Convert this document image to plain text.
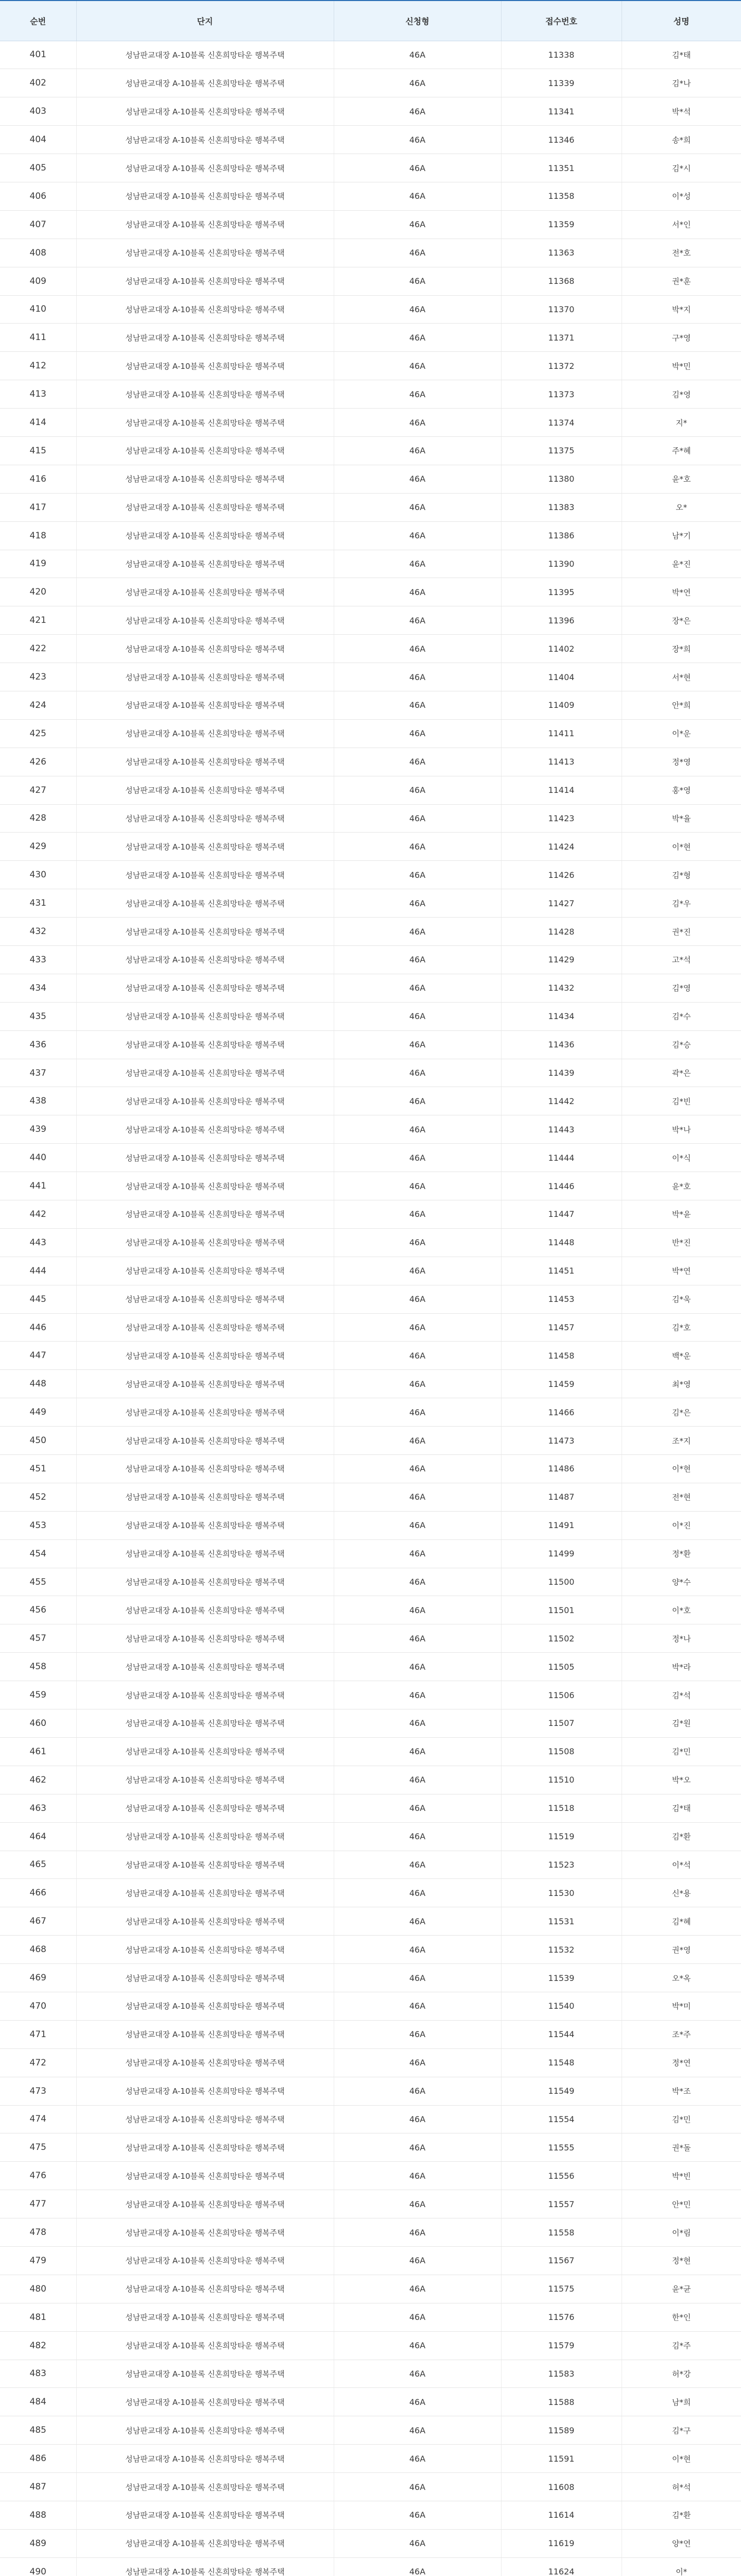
순번	단지	신청형	접수번호	성명
401	성남판교대장 A-10블록 신혼희망타운 행복주택	46A	11338	김*태
402	성남판교대장 A-10블록 신혼희망타운 행복주택	46A	11339	김*나
403	성남판교대장 A-10블록 신혼희망타운 행복주택	46A	11341	박*석
404	성남판교대장 A-10블록 신혼희망타운 행복주택	46A	11346	송*희
405	성남판교대장 A-10블록 신혼희망타운 행복주택	46A	11351	김*시
406	성남판교대장 A-10블록 신혼희망타운 행복주택	46A	11358	이*성
407	성남판교대장 A-10블록 신혼희망타운 행복주택	46A	11359	서*인
408	성남판교대장 A-10블록 신혼희망타운 행복주택	46A	11363	전*호
409	성남판교대장 A-10블록 신혼희망타운 행복주택	46A	11368	권*훈
410	성남판교대장 A-10블록 신혼희망타운 행복주택	46A	11370	박*지
411	성남판교대장 A-10블록 신혼희망타운 행복주택	46A	11371	구*영
412	성남판교대장 A-10블록 신혼희망타운 행복주택	46A	11372	박*민
413	성남판교대장 A-10블록 신혼희망타운 행복주택	46A	11373	김*영
414	성남판교대장 A-10블록 신혼희망타운 행복주택	46A	11374	지*
415	성남판교대장 A-10블록 신혼희망타운 행복주택	46A	11375	주*혜
416	성남판교대장 A-10블록 신혼희망타운 행복주택	46A	11380	윤*호
417	성남판교대장 A-10블록 신혼희망타운 행복주택	46A	11383	오*
418	성남판교대장 A-10블록 신혼희망타운 행복주택	46A	11386	남*기
419	성남판교대장 A-10블록 신혼희망타운 행복주택	46A	11390	윤*진
420	성남판교대장 A-10블록 신혼희망타운 행복주택	46A	11395	박*연
421	성남판교대장 A-10블록 신혼희망타운 행복주택	46A	11396	장*은
422	성남판교대장 A-10블록 신혼희망타운 행복주택	46A	11402	장*희
423	성남판교대장 A-10블록 신혼희망타운 행복주택	46A	11404	서*현
424	성남판교대장 A-10블록 신혼희망타운 행복주택	46A	11409	안*희
425	성남판교대장 A-10블록 신혼희망타운 행복주택	46A	11411	이*운
426	성남판교대장 A-10블록 신혼희망타운 행복주택	46A	11413	정*영
427	성남판교대장 A-10블록 신혼희망타운 행복주택	46A	11414	홍*영
428	성남판교대장 A-10블록 신혼희망타운 행복주택	46A	11423	박*율
429	성남판교대장 A-10블록 신혼희망타운 행복주택	46A	11424	이*현
430	성남판교대장 A-10블록 신혼희망타운 행복주택	46A	11426	김*형
431	성남판교대장 A-10블록 신혼희망타운 행복주택	46A	11427	김*우
432	성남판교대장 A-10블록 신혼희망타운 행복주택	46A	11428	권*진
433	성남판교대장 A-10블록 신혼희망타운 행복주택	46A	11429	고*석
434	성남판교대장 A-10블록 신혼희망타운 행복주택	46A	11432	김*영
435	성남판교대장 A-10블록 신혼희망타운 행복주택	46A	11434	김*수
436	성남판교대장 A-10블록 신혼희망타운 행복주택	46A	11436	김*승
437	성남판교대장 A-10블록 신혼희망타운 행복주택	46A	11439	곽*은
438	성남판교대장 A-10블록 신혼희망타운 행복주택	46A	11442	김*빈
439	성남판교대장 A-10블록 신혼희망타운 행복주택	46A	11443	박*나
440	성남판교대장 A-10블록 신혼희망타운 행복주택	46A	11444	이*식
441	성남판교대장 A-10블록 신혼희망타운 행복주택	46A	11446	윤*호
442	성남판교대장 A-10블록 신혼희망타운 행복주택	46A	11447	박*윤
443	성남판교대장 A-10블록 신혼희망타운 행복주택	46A	11448	반*진
444	성남판교대장 A-10블록 신혼희망타운 행복주택	46A	11451	박*연
445	성남판교대장 A-10블록 신혼희망타운 행복주택	46A	11453	김*욱
446	성남판교대장 A-10블록 신혼희망타운 행복주택	46A	11457	김*호
447	성남판교대장 A-10블록 신혼희망타운 행복주택	46A	11458	백*운
448	성남판교대장 A-10블록 신혼희망타운 행복주택	46A	11459	최*영
449	성남판교대장 A-10블록 신혼희망타운 행복주택	46A	11466	김*은
450	성남판교대장 A-10블록 신혼희망타운 행복주택	46A	11473	조*지
451	성남판교대장 A-10블록 신혼희망타운 행복주택	46A	11486	이*현
452	성남판교대장 A-10블록 신혼희망타운 행복주택	46A	11487	전*현
453	성남판교대장 A-10블록 신혼희망타운 행복주택	46A	11491	이*진
454	성남판교대장 A-10블록 신혼희망타운 행복주택	46A	11499	정*환
455	성남판교대장 A-10블록 신혼희망타운 행복주택	46A	11500	양*수
456	성남판교대장 A-10블록 신혼희망타운 행복주택	46A	11501	이*호
457	성남판교대장 A-10블록 신혼희망타운 행복주택	46A	11502	정*나
458	성남판교대장 A-10블록 신혼희망타운 행복주택	46A	11505	박*라
459	성남판교대장 A-10블록 신혼희망타운 행복주택	46A	11506	김*석
460	성남판교대장 A-10블록 신혼희망타운 행복주택	46A	11507	김*원
461	성남판교대장 A-10블록 신혼희망타운 행복주택	46A	11508	김*민
462	성남판교대장 A-10블록 신혼희망타운 행복주택	46A	11510	박*오
463	성남판교대장 A-10블록 신혼희망타운 행복주택	46A	11518	김*태
464	성남판교대장 A-10블록 신혼희망타운 행복주택	46A	11519	김*환
465	성남판교대장 A-10블록 신혼희망타운 행복주택	46A	11523	이*석
466	성남판교대장 A-10블록 신혼희망타운 행복주택	46A	11530	신*용
467	성남판교대장 A-10블록 신혼희망타운 행복주택	46A	11531	김*혜
468	성남판교대장 A-10블록 신혼희망타운 행복주택	46A	11532	권*영
469	성남판교대장 A-10블록 신혼희망타운 행복주택	46A	11539	오*옥
470	성남판교대장 A-10블록 신혼희망타운 행복주택	46A	11540	박*미
471	성남판교대장 A-10블록 신혼희망타운 행복주택	46A	11544	조*주
472	성남판교대장 A-10블록 신혼희망타운 행복주택	46A	11548	정*연
473	성남판교대장 A-10블록 신혼희망타운 행복주택	46A	11549	박*조
474	성남판교대장 A-10블록 신혼희망타운 행복주택	46A	11554	김*민
475	성남판교대장 A-10블록 신혼희망타운 행복주택	46A	11555	권*돌
476	성남판교대장 A-10블록 신혼희망타운 행복주택	46A	11556	박*빈
477	성남판교대장 A-10블록 신혼희망타운 행복주택	46A	11557	안*민
478	성남판교대장 A-10블록 신혼희망타운 행복주택	46A	11558	이*림
479	성남판교대장 A-10블록 신혼희망타운 행복주택	46A	11567	정*현
480	성남판교대장 A-10블록 신혼희망타운 행복주택	46A	11575	윤*균
481	성남판교대장 A-10블록 신혼희망타운 행복주택	46A	11576	한*인
482	성남판교대장 A-10블록 신혼희망타운 행복주택	46A	11579	김*주
483	성남판교대장 A-10블록 신혼희망타운 행복주택	46A	11583	허*강
484	성남판교대장 A-10블록 신혼희망타운 행복주택	46A	11588	남*희
485	성남판교대장 A-10블록 신혼희망타운 행복주택	46A	11589	김*구
486	성남판교대장 A-10블록 신혼희망타운 행복주택	46A	11591	이*현
487	성남판교대장 A-10블록 신혼희망타운 행복주택	46A	11608	허*석
488	성남판교대장 A-10블록 신혼희망타운 행복주택	46A	11614	김*환
489	성남판교대장 A-10블록 신혼희망타운 행복주택	46A	11619	양*연
490	성남판교대장 A-10블록 신혼희망타운 행복주택	46A	11624	이*
